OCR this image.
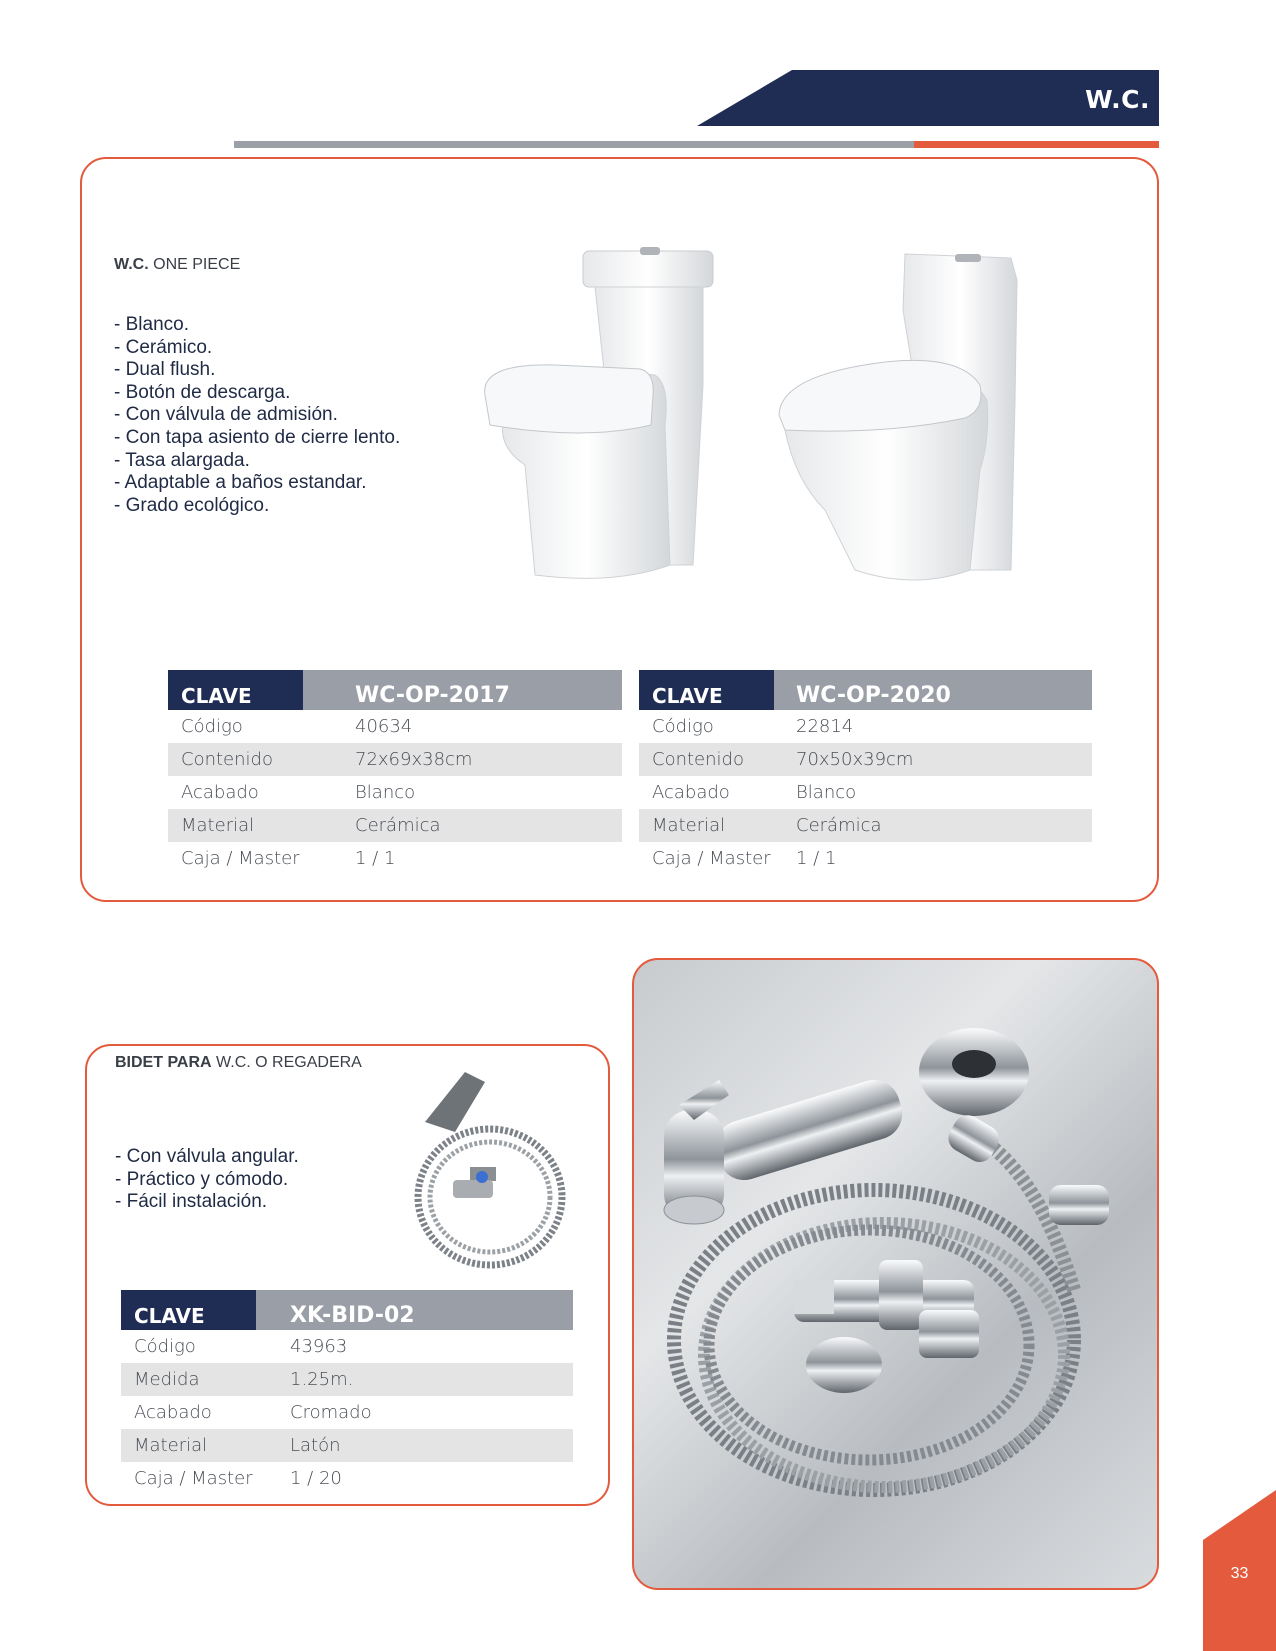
W.C.
W.C. ONE PIECE
- Blanco.
- Cerámico.
- Dual flush.
- Botón de descarga.
- Con válvula de admisión.
- Con tapa asiento de cierre lento.
- Tasa alargada.
- Adaptable a baños estandar.
- Grado ecológico.
CLAVE	WC-OP-2017
Código	40634
Contenido	72x69x38cm
Acabado	Blanco
Material	Cerámica
Caja / Master	1 / 1
CLAVE	WC-OP-2020
Código	22814
Contenido	70x50x39cm
Acabado	Blanco
Material	Cerámica
Caja / Master	1 / 1
BIDET PARA W.C. O REGADERA
- Con válvula angular.
- Práctico y cómodo.
- Fácil instalación.
CLAVE	XK-BID-02
Código	43963
Medida	1.25m.
Acabado	Cromado
Material	Latón
Caja / Master	1 / 20
33
